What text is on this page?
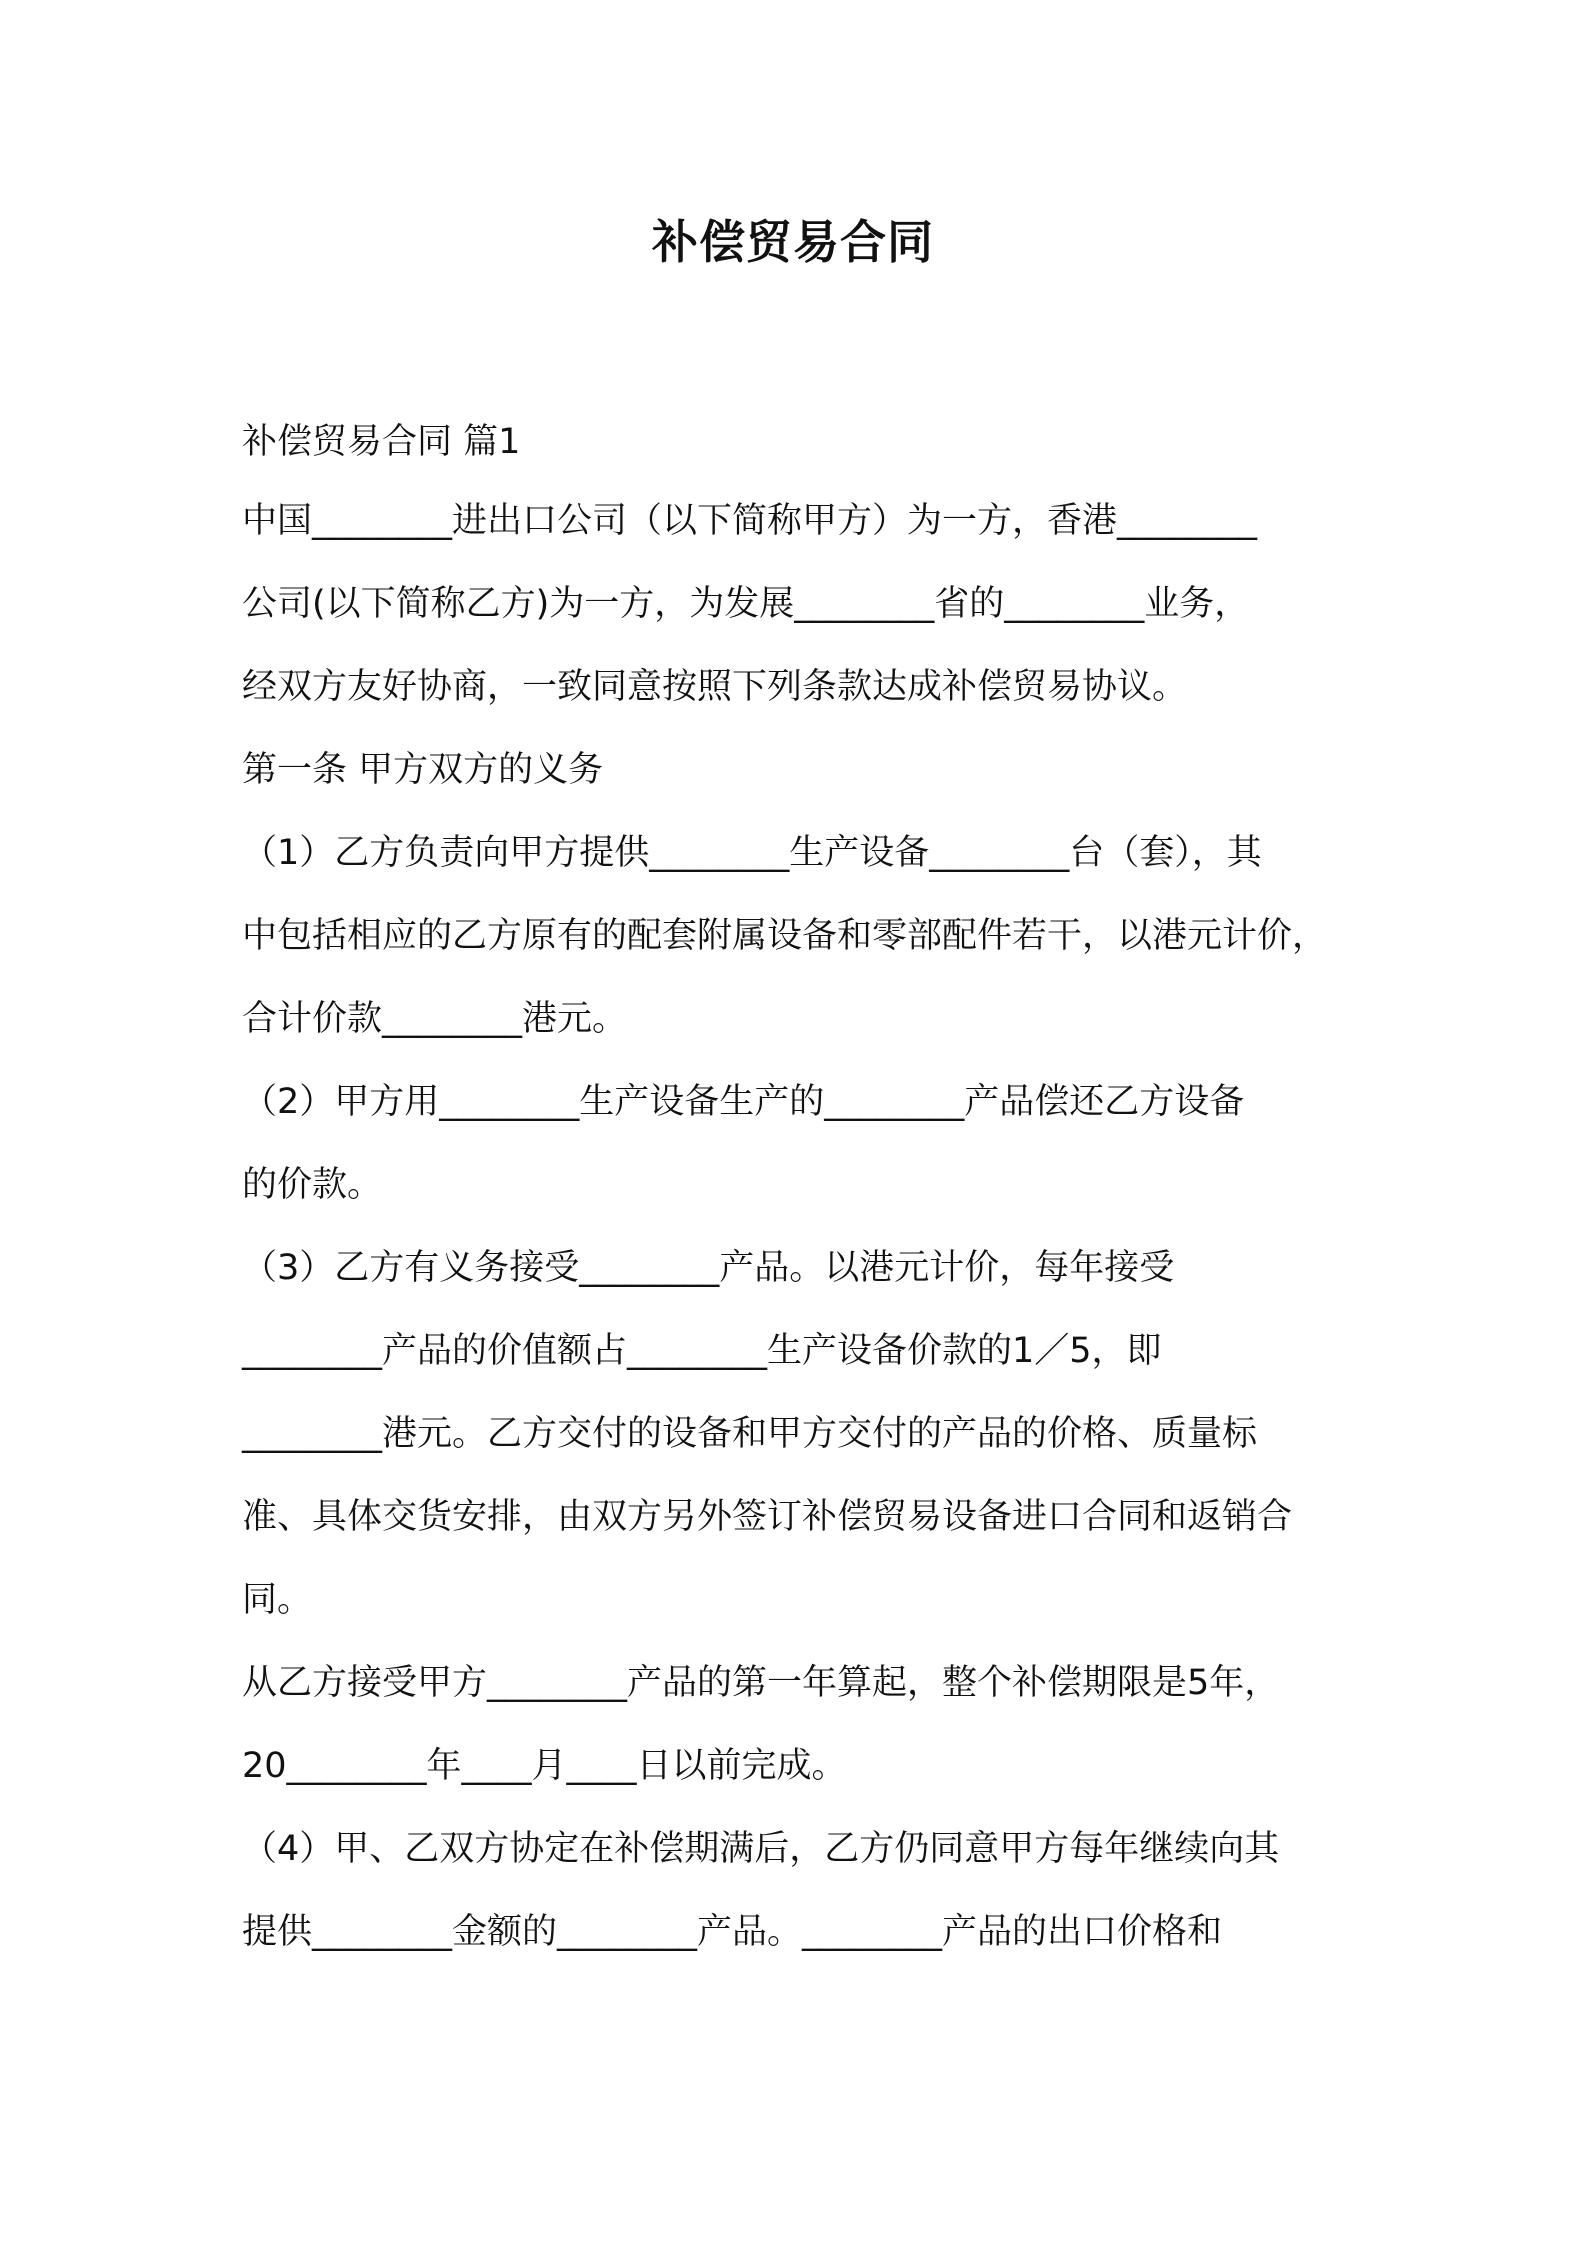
补偿贸易合同
补偿贸易合同 篇1
中国________进出口公司（以下简称甲方）为一方，香港________
公司(以下简称乙方)为一方，为发展________省的________业务，
经双方友好协商，一致同意按照下列条款达成补偿贸易协议。
第一条 甲方双方的义务
（1）乙方负责向甲方提供________生产设备________台（套），其
中包括相应的乙方原有的配套附属设备和零部配件若干，以港元计价，
合计价款________港元。
（2）甲方用________生产设备生产的________产品偿还乙方设备
的价款。
（3）乙方有义务接受________产品。以港元计价，每年接受
________产品的价值额占________生产设备价款的1／5，即
________港元。乙方交付的设备和甲方交付的产品的价格、质量标
准、具体交货安排，由双方另外签订补偿贸易设备进口合同和返销合
同。
从乙方接受甲方________产品的第一年算起，整个补偿期限是5年，
20________年____月____日以前完成。
（4）甲、乙双方协定在补偿期满后，乙方仍同意甲方每年继续向其
提供________金额的________产品。________产品的出口价格和
